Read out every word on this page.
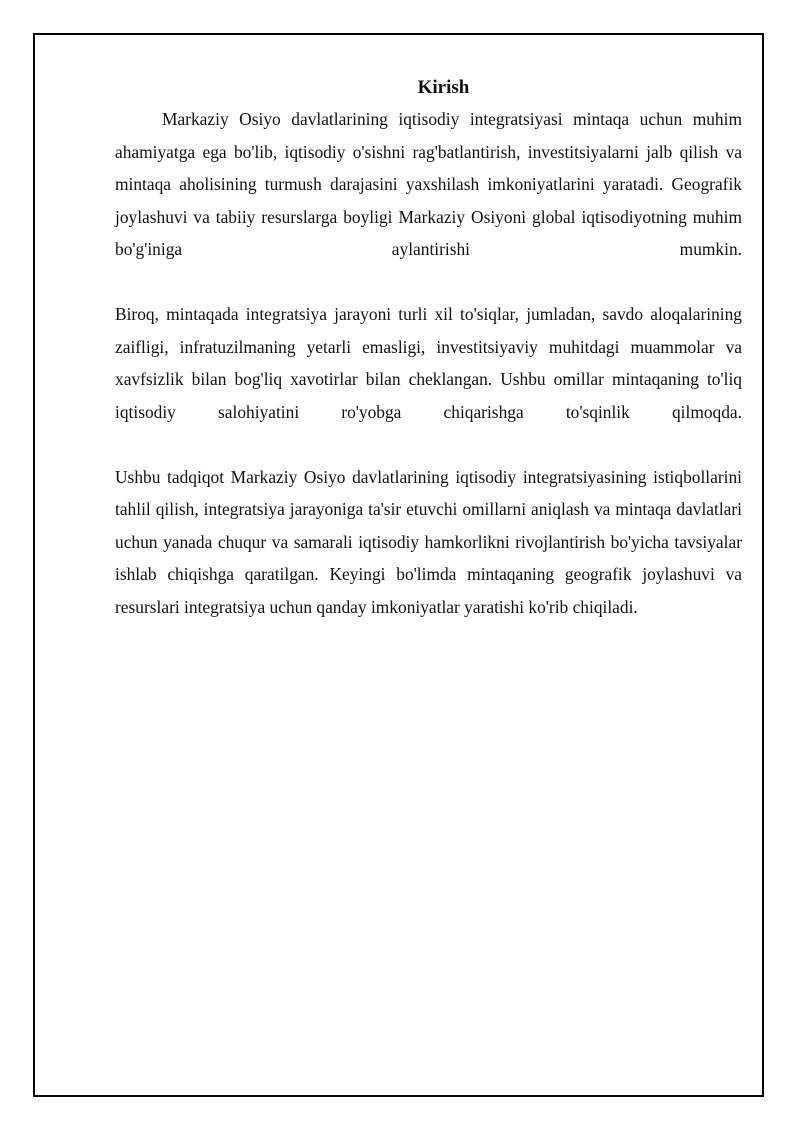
Kirish

Markaziy Osiyo davlatlarining iqtisodiy integratsiyasi mintaqa uchun muhim ahamiyatga ega bo'lib, iqtisodiy o'sishni rag'batlantirish, investitsiyalarni jalb qilish va mintaqa aholisining turmush darajasini yaxshilash imkoniyatlarini yaratadi. Geografik joylashuvi va tabiiy resurslarga boyligi Markaziy Osiyoni global iqtisodiyotning muhim bo'g'iniga aylantirishi mumkin.

Biroq, mintaqada integratsiya jarayoni turli xil to'siqlar, jumladan, savdo aloqalarining zaifligi, infratuzilmaning yetarli emasligi, investitsiyaviy muhitdagi muammolar va xavfsizlik bilan bog'liq xavotirlar bilan cheklangan. Ushbu omillar mintaqaning to'liq iqtisodiy salohiyatini ro'yobga chiqarishga to'sqinlik qilmoqda.

Ushbu tadqiqot Markaziy Osiyo davlatlarining iqtisodiy integratsiyasining istiqbollarini tahlil qilish, integratsiya jarayoniga ta'sir etuvchi omillarni aniqlash va mintaqa davlatlari uchun yanada chuqur va samarali iqtisodiy hamkorlikni rivojlantirish bo'yicha tavsiyalar ishlab chiqishga qaratilgan. Keyingi bo'limda mintaqaning geografik joylashuvi va resurslari integratsiya uchun qanday imkoniyatlar yaratishi ko'rib chiqiladi.
